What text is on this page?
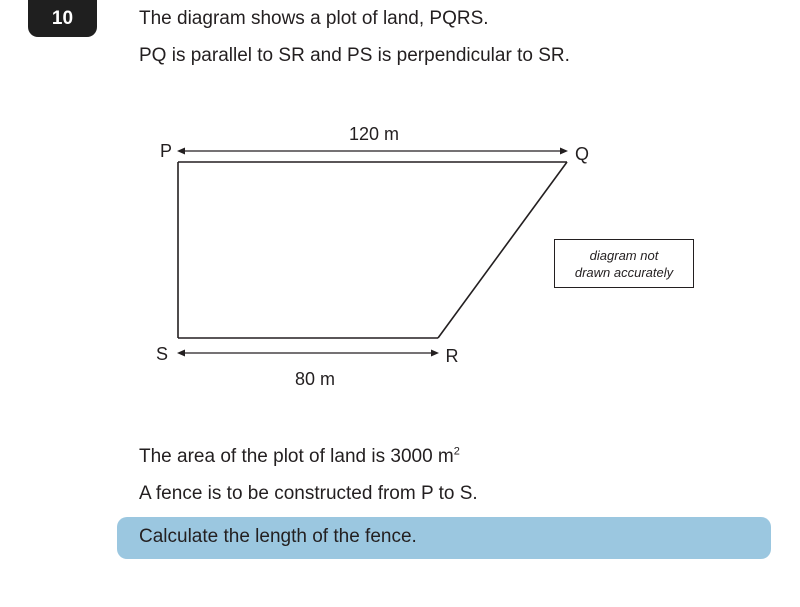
10	The diagram shows a plot of land, PQRS.
PQ is parallel to SR and PS is perpendicular to SR.
120 m
80 m
P	Q
S	R
diagram not
drawn accurately
The area of the plot of land is 3000 $m^2$
A fence is to be constructed from P to S.
Calculate the length of the fence.
